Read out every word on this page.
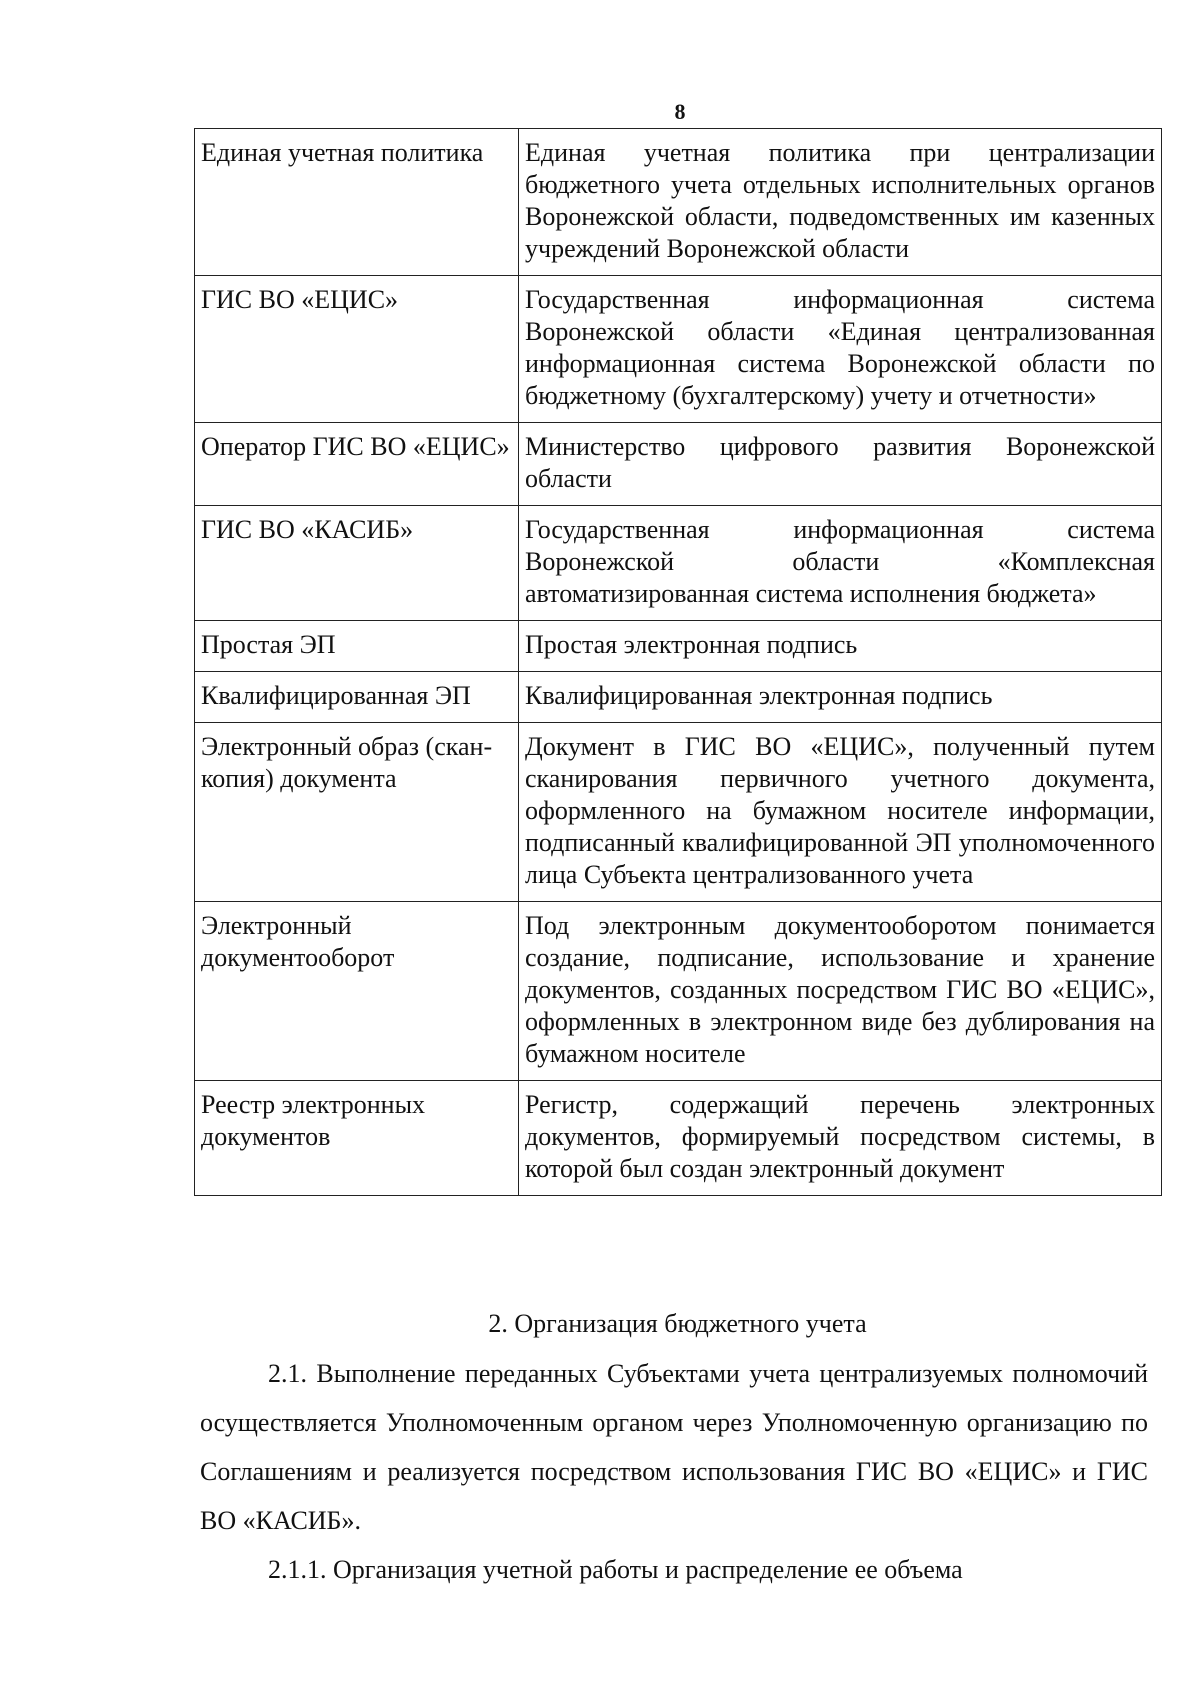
8
Единая учетная политика	Единая учетная политика при централизации бюджетного учета отдельных исполнительных органов Воронежской области, подведомственных им казенных учреждений Воронежской области
ГИС ВО «ЕЦИС»	Государственная информационная система Воронежской области «Единая централизованная информационная система Воронежской области по бюджетному (бухгалтерскому) учету и отчетности»
Оператор ГИС ВО «ЕЦИС»	Министерство цифрового развития Воронежской области
ГИС ВО «КАСИБ»	Государственная информационная система Воронежской области «Комплексная автоматизированная система исполнения бюджета»
Простая ЭП	Простая электронная подпись
Квалифицированная ЭП	Квалифицированная электронная подпись
Электронный образ (скан-копия) документа	Документ в ГИС ВО «ЕЦИС», полученный путем сканирования первичного учетного документа, оформленного на бумажном носителе информации, подписанный квалифицированной ЭП уполномоченного лица Субъекта централизованного учета
Электронный документооборот	Под электронным документооборотом понимается создание, подписание, использование и хранение документов, созданных посредством ГИС ВО «ЕЦИС», оформленных в электронном виде без дублирования на бумажном носителе
Реестр электронных документов	Регистр, содержащий перечень электронных документов, формируемый посредством системы, в которой был создан электронный документ
2. Организация бюджетного учета

2.1. Выполнение переданных Субъектами учета централизуемых полномочий осуществляется Уполномоченным органом через Уполномоченную организацию по Соглашениям и реализуется посредством использования ГИС ВО «ЕЦИС» и ГИС ВО «КАСИБ».

2.1.1. Организация учетной работы и распределение ее объема
